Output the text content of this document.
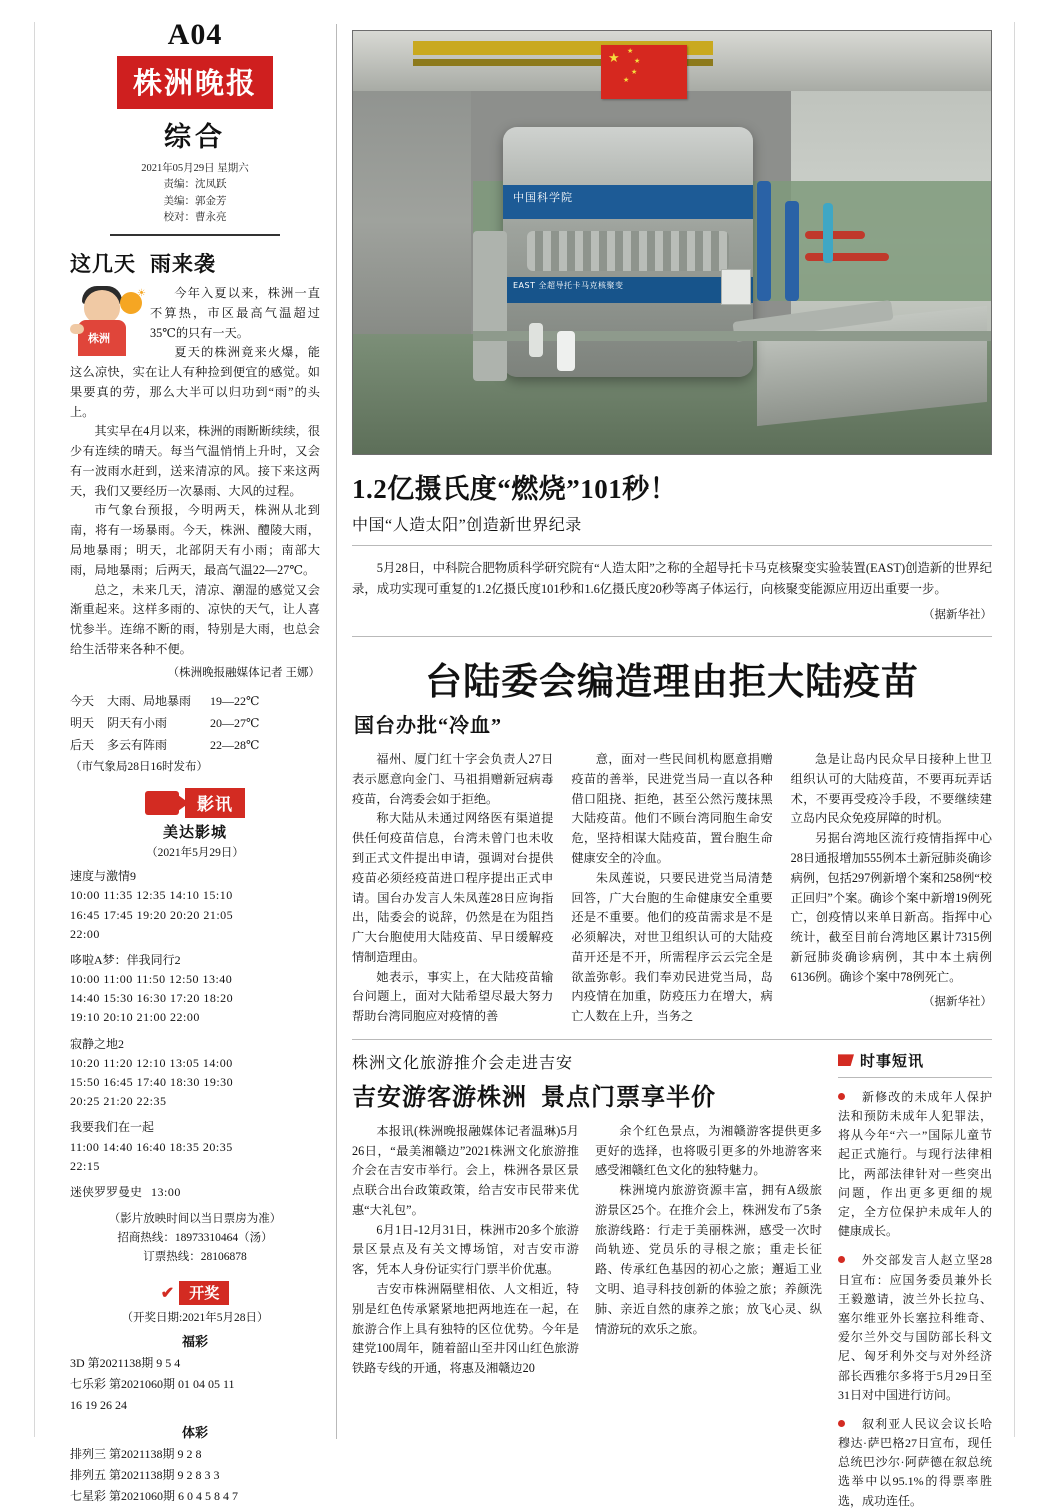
A04
株洲晚报
综合
2021年05月29日 星期六
责编：沈凤跃
美编：郭金芳
校对：曹永亮
这几天 雨来袭
☀
株洲

今年入夏以来，株洲一直不算热，市区最高气温超过35℃的只有一天。

夏天的株洲竟来火爆，能这么凉快，实在让人有种捡到便宜的感觉。如果要真的劳，那么大半可以归功到“雨”的头上。

其实早在4月以来，株洲的雨断断续续，很少有连续的晴天。每当气温悄悄上升时，又会有一波雨水赶到，送来清凉的风。接下来这两天，我们又要经历一次暴雨、大风的过程。

市气象台预报，今明两天，株洲从北到南，将有一场暴雨。今天，株洲、醴陵大雨，局地暴雨；明天，北部阴天有小雨；南部大雨，局地暴雨；后两天，最高气温22—27℃。

总之，未来几天，清凉、潮湿的感觉又会渐重起来。这样多雨的、凉快的天气，让人喜忧参半。连绵不断的雨，特别是大雨，也总会给生活带来各种不便。

（株洲晚报融媒体记者 王娜）
今天 大雨、局地暴雨 19—22℃
明天 阴天有小雨	20—27℃
后天 多云有阵雨	22—28℃
（市气象局28日16时发布）
影讯
美达影城
（2021年5月29日）
速度与激情9
10:00 11:35 12:35 14:10 15:10
16:45 17:45 19:20 20:20 21:05
22:00
哆啦A梦：伴我同行2
10:00 11:00 11:50 12:50 13:40
14:40 15:30 16:30 17:20 18:20
19:10 20:10 21:00 22:00
寂静之地2
10:20 11:20 12:10 13:05 14:00
15:50 16:45 17:40 18:30 19:30
20:25 21:20 22:35
我要我们在一起
11:00 14:40 16:40 18:35 20:35
22:15
迷侠罗罗曼史 13:00
（影片放映时间以当日票房为准）
招商热线：18973310464（汤）
订票热线：28106878
✔	开奖
（开奖日期:2021年5月28日）
福彩
3D 第2021138期 9 5 4
七乐彩 第2021060期 01 04 05 11
16 19 26 24
体彩
排列三 第2021138期 9 2 8
排列五 第2021138期 9 2 8 3 3
七星彩 第2021060期 6 0 4 5 8 4 7
★ ★
★
★
★
中国科学院
EAST 全超导托卡马克核聚变
1.2亿摄氏度“燃烧”101秒！
中国“人造太阳”创造新世界纪录

5月28日，中科院合肥物质科学研究院有“人造太阳”之称的全超导托卡马克核聚变实验装置(EAST)创造新的世界纪录，成功实现可重复的1.2亿摄氏度101秒和1.6亿摄氏度20秒等离子体运行，向核聚变能源应用迈出重要一步。

（据新华社）
台陆委会编造理由拒大陆疫苗
国台办批“冷血”

福州、厦门红十字会负责人27日表示愿意向金门、马祖捐赠新冠病毒疫苗，台湾委会如于拒绝。

称大陆从未通过网络医有渠道提供任何疫苗信息，台湾未曾门也未收到正式文件提出申请，强调对台提供疫苗必须经疫苗进口程序提出正式申请。国台办发言人朱凤莲28日应询指出，陆委会的说辞，仍然是在为阻挡广大台胞使用大陆疫苗、早日缓解疫情制造理由。

她表示，事实上，在大陆疫苗输台问题上，面对大陆希望尽最大努力帮助台湾同胞应对疫情的善

意，面对一些民间机构愿意捐赠疫苗的善举，民进党当局一直以各种借口阻挠、拒绝，甚至公然污蔑抹黑大陆疫苗。他们不顾台湾同胞生命安危，坚持相谋大陆疫苗，置台胞生命健康安全的冷血。

朱凤莲说，只要民进党当局清楚回答，广大台胞的生命健康安全重要还是不重要。他们的疫苗需求是不是必须解决，对世卫组织认可的大陆疫苗开还是不开，所需程序云云完全是欲盖弥彰。我们奉劝民进党当局，岛内疫情在加重，防疫压力在增大，病亡人数在上升，当务之

急是让岛内民众早日接种上世卫组织认可的大陆疫苗，不要再玩弄话术，不要再受疫冷手段，不要继续建立岛内民众免疫屏障的时机。

另据台湾地区流行疫情指挥中心28日通报增加555例本土新冠肺炎确诊病例，包括297例新增个案和258例“校正回归”个案。确诊个案中新增19例死亡，创疫情以来单日新高。指挥中心统计，截至目前台湾地区累计7315例新冠肺炎确诊病例，其中本土病例6136例。确诊个案中78例死亡。

（据新华社）
株洲文化旅游推介会走进吉安
吉安游客游株洲 景点门票享半价

本报讯(株洲晚报融媒体记者温琳)5月26日，“最美湘赣边”2021株洲文化旅游推介会在吉安市举行。会上，株洲各景区景点联合出台政策政策，给吉安市民带来优惠“大礼包”。

6月1日-12月31日，株洲市20多个旅游景区景点及有关文博场馆，对吉安市游客，凭本人身份证实行门票半价优惠。

吉安市株洲隔壁相依、人文相近，特别是红色传承紧紧地把两地连在一起，在旅游合作上具有独特的区位优势。今年是建党100周年，随着韶山至井冈山红色旅游铁路专线的开通，将惠及湘赣边20

余个红色景点，为湘赣游客提供更多更好的选择，也将吸引更多的外地游客来感受湘赣红色文化的独特魅力。

株洲境内旅游资源丰富，拥有A级旅游景区25个。在推介会上，株洲发布了5条旅游线路：行走于美丽株洲，感受一次时尚轨迹、党员乐的寻根之旅；重走长征路、传承红色基因的初心之旅；邂逅工业文明、追寻科技创新的体验之旅；养颜洗肺、亲近自然的康养之旅；放飞心灵、纵情游玩的欢乐之旅。

时事短讯
新修改的未成年人保护法和预防未成年人犯罪法，将从今年“六一”国际儿童节起正式施行。与现行法律相比，两部法律针对一些突出问题，作出更多更细的规定，全方位保护未成年人的健康成长。
外交部发言人赵立坚28日宣布：应国务委员兼外长王毅邀请，波兰外长拉乌、塞尔维亚外长塞拉科维奇、爱尔兰外交与国防部长科文尼、匈牙利外交与对外经济部长西雅尔多将于5月29日至31日对中国进行访问。
叙利亚人民议会议长哈穆达·萨巴格27日宣布，现任总统巴沙尔·阿萨德在叙总统选举中以95.1%的得票率胜选，成功连任。
